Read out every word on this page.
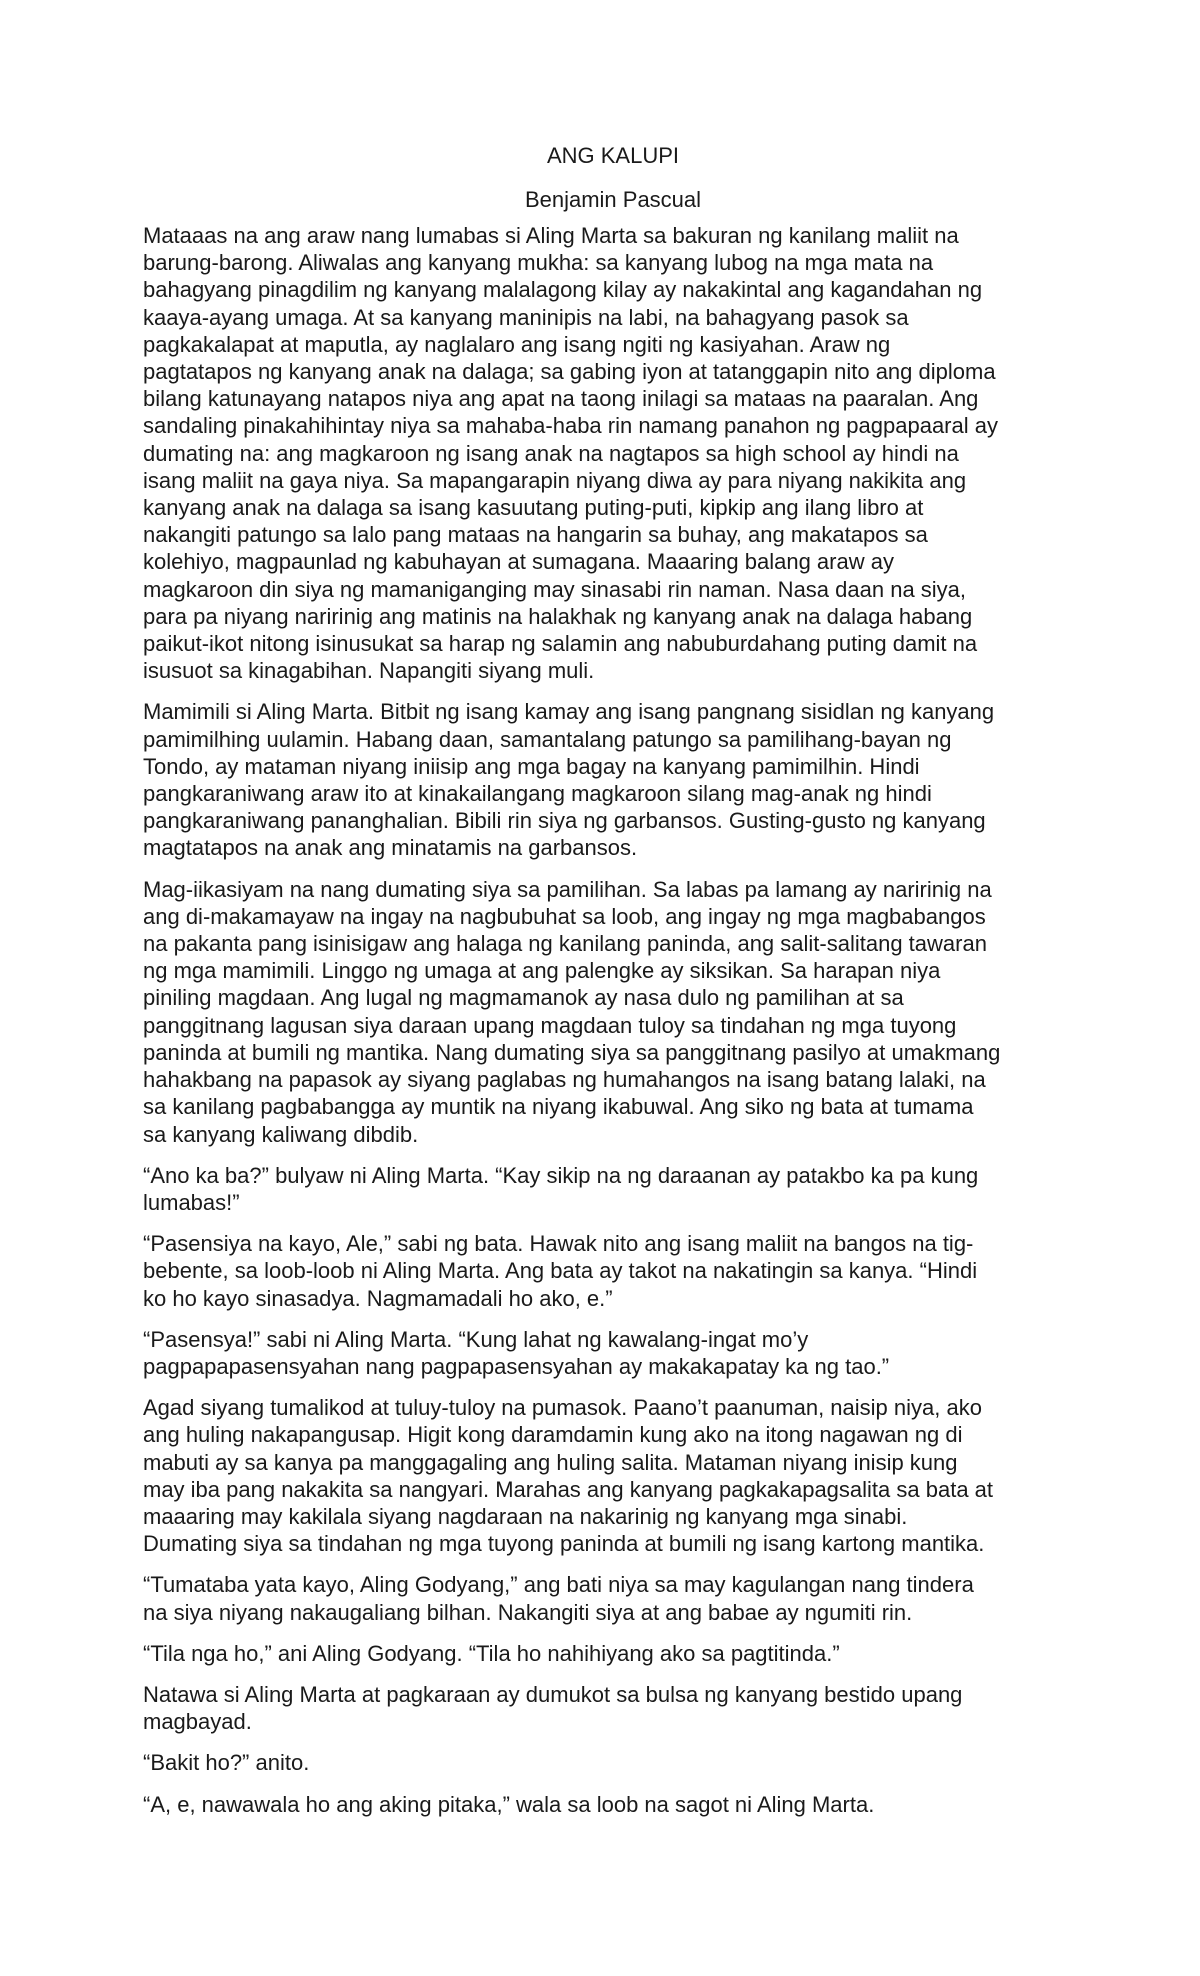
ANG KALUPI
Benjamin Pascual

Mataaas na ang araw nang lumabas si Aling Marta sa bakuran ng kanilang maliit na
barung-barong. Aliwalas ang kanyang mukha: sa kanyang lubog na mga mata na
bahagyang pinagdilim ng kanyang malalagong kilay ay nakakintal ang kagandahan ng
kaaya-ayang umaga. At sa kanyang maninipis na labi, na bahagyang pasok sa
pagkakalapat at maputla, ay naglalaro ang isang ngiti ng kasiyahan. Araw ng
pagtatapos ng kanyang anak na dalaga; sa gabing iyon at tatanggapin nito ang diploma
bilang katunayang natapos niya ang apat na taong inilagi sa mataas na paaralan. Ang
sandaling pinakahihintay niya sa mahaba-haba rin namang panahon ng pagpapaaral ay
dumating na: ang magkaroon ng isang anak na nagtapos sa high school ay hindi na
isang maliit na gaya niya. Sa mapangarapin niyang diwa ay para niyang nakikita ang
kanyang anak na dalaga sa isang kasuutang puting-puti, kipkip ang ilang libro at
nakangiti patungo sa lalo pang mataas na hangarin sa buhay, ang makatapos sa
kolehiyo, magpaunlad ng kabuhayan at sumagana. Maaaring balang araw ay
magkaroon din siya ng mamaniganging may sinasabi rin naman. Nasa daan na siya,
para pa niyang naririnig ang matinis na halakhak ng kanyang anak na dalaga habang
paikut-ikot nitong isinusukat sa harap ng salamin ang nabuburdahang puting damit na
isusuot sa kinagabihan. Napangiti siyang muli.

Mamimili si Aling Marta. Bitbit ng isang kamay ang isang pangnang sisidlan ng kanyang
pamimilhing uulamin. Habang daan, samantalang patungo sa pamilihang-bayan ng
Tondo, ay mataman niyang iniisip ang mga bagay na kanyang pamimilhin. Hindi
pangkaraniwang araw ito at kinakailangang magkaroon silang mag-anak ng hindi
pangkaraniwang pananghalian. Bibili rin siya ng garbansos. Gusting-gusto ng kanyang
magtatapos na anak ang minatamis na garbansos.

Mag-iikasiyam na nang dumating siya sa pamilihan. Sa labas pa lamang ay naririnig na
ang di-makamayaw na ingay na nagbubuhat sa loob, ang ingay ng mga magbabangos
na pakanta pang isinisigaw ang halaga ng kanilang paninda, ang salit-salitang tawaran
ng mga mamimili. Linggo ng umaga at ang palengke ay siksikan. Sa harapan niya
piniling magdaan. Ang lugal ng magmamanok ay nasa dulo ng pamilihan at sa
panggitnang lagusan siya daraan upang magdaan tuloy sa tindahan ng mga tuyong
paninda at bumili ng mantika. Nang dumating siya sa panggitnang pasilyo at umakmang
hahakbang na papasok ay siyang paglabas ng humahangos na isang batang lalaki, na
sa kanilang pagbabangga ay muntik na niyang ikabuwal. Ang siko ng bata at tumama
sa kanyang kaliwang dibdib.

“Ano ka ba?” bulyaw ni Aling Marta. “Kay sikip na ng daraanan ay patakbo ka pa kung
lumabas!”

“Pasensiya na kayo, Ale,” sabi ng bata. Hawak nito ang isang maliit na bangos na tig-
bebente, sa loob-loob ni Aling Marta. Ang bata ay takot na nakatingin sa kanya. “Hindi
ko ho kayo sinasadya. Nagmamadali ho ako, e.”

“Pasensya!” sabi ni Aling Marta. “Kung lahat ng kawalang-ingat mo’y
pagpapapasensyahan nang pagpapasensyahan ay makakapatay ka ng tao.”

Agad siyang tumalikod at tuluy-tuloy na pumasok. Paano’t paanuman, naisip niya, ako
ang huling nakapangusap. Higit kong daramdamin kung ako na itong nagawan ng di
mabuti ay sa kanya pa manggagaling ang huling salita. Mataman niyang inisip kung
may iba pang nakakita sa nangyari. Marahas ang kanyang pagkakapagsalita sa bata at
maaaring may kakilala siyang nagdaraan na nakarinig ng kanyang mga sinabi.
Dumating siya sa tindahan ng mga tuyong paninda at bumili ng isang kartong mantika.

“Tumataba yata kayo, Aling Godyang,” ang bati niya sa may kagulangan nang tindera
na siya niyang nakaugaliang bilhan. Nakangiti siya at ang babae ay ngumiti rin.

“Tila nga ho,” ani Aling Godyang. “Tila ho nahihiyang ako sa pagtitinda.”

Natawa si Aling Marta at pagkaraan ay dumukot sa bulsa ng kanyang bestido upang
magbayad.

“Bakit ho?” anito.

“A, e, nawawala ho ang aking pitaka,” wala sa loob na sagot ni Aling Marta.
